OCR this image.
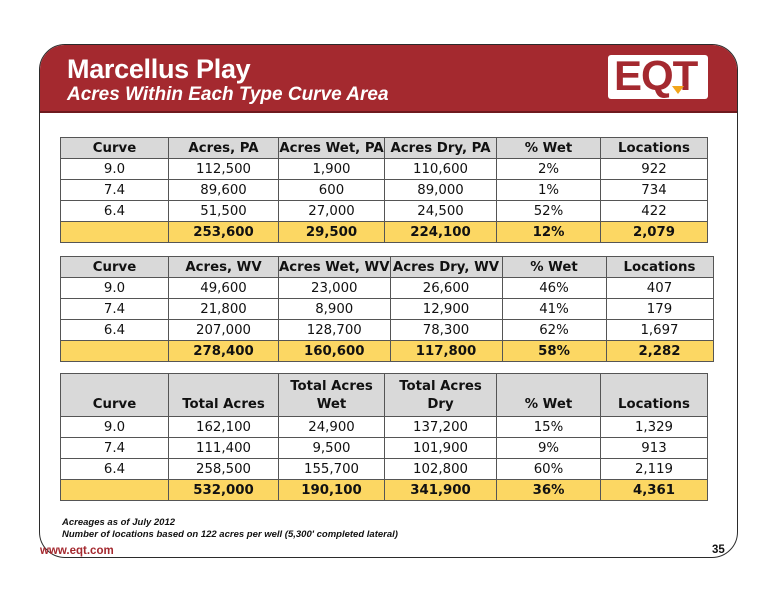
Marcellus Play
Acres Within Each Type Curve Area	EQT
Curve	Acres, PA	Acres Wet, PA	Acres Dry, PA	% Wet	Locations
9.0	112,500	1,900	110,600	2%	922
7.4	89,600	600	89,000	1%	734
6.4	51,500	27,000	24,500	52%	422
	253,600	29,500	224,100	12%	2,079
Curve	Acres, WV	Acres Wet, WV	Acres Dry, WV	% Wet	Locations
9.0	49,600	23,000	26,600	46%	407
7.4	21,800	8,900	12,900	41%	179
6.4	207,000	128,700	78,300	62%	1,697
	278,400	160,600	117,800	58%	2,282
Curve	Total Acres	Total Acres Wet	Total Acres Dry	% Wet	Locations
9.0	162,100	24,900	137,200	15%	1,329
7.4	111,400	9,500	101,900	9%	913
6.4	258,500	155,700	102,800	60%	2,119
	532,000	190,100	341,900	36%	4,361
Acreages as of July 2012
Number of locations based on 122 acres per well (5,300' completed lateral)
www.eqt.com	35
